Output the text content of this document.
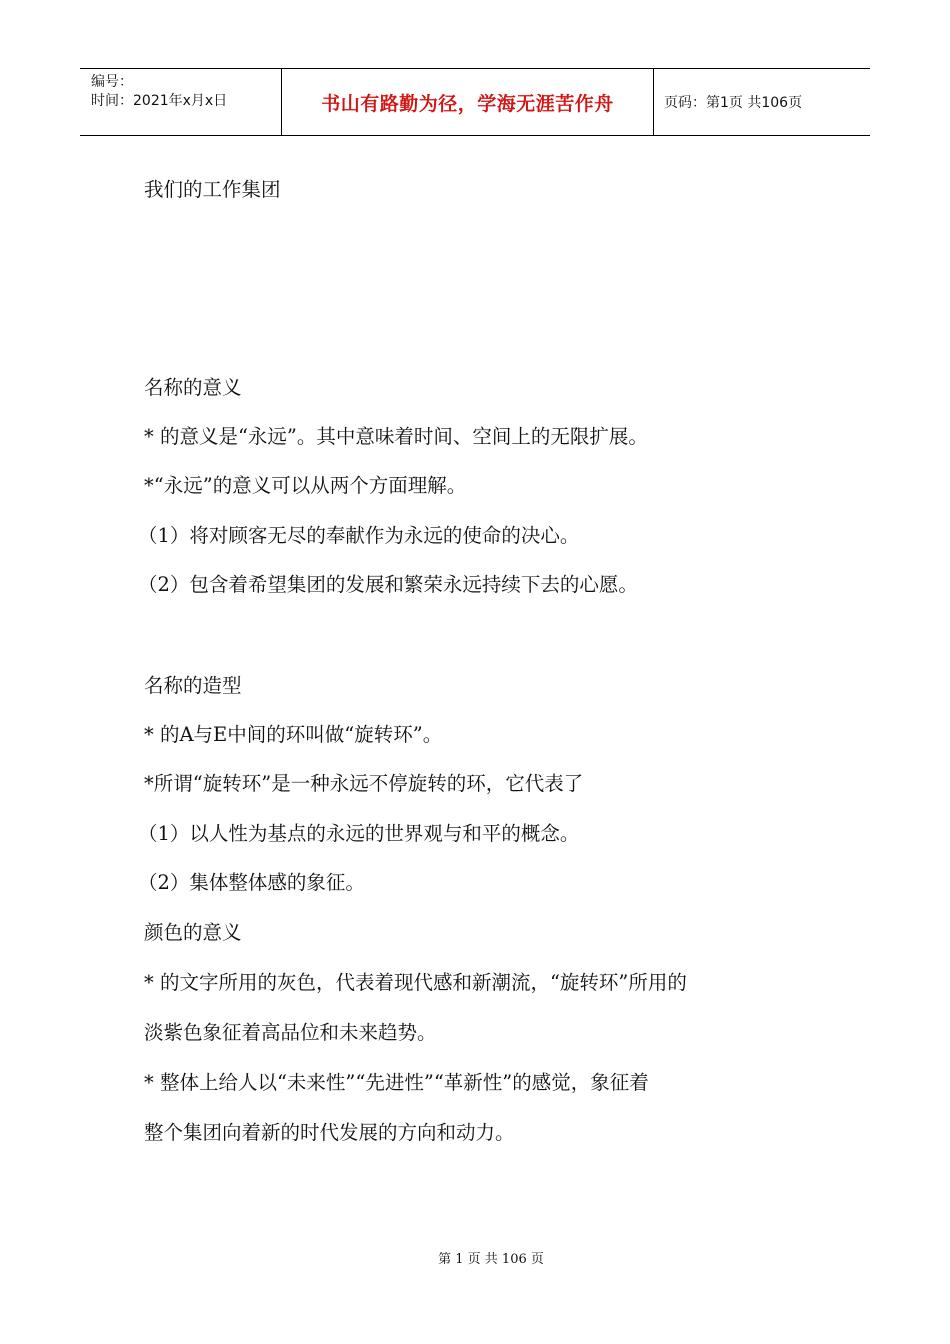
编号：
时间：2021年x月x日	书山有路勤为径，学海无涯苦作舟	页码：第1页 共106页
我们的工作集团
名称的意义
* 的意义是“永远”。其中意味着时间、空间上的无限扩展。
*“永远”的意义可以从两个方面理解。
（1）将对顾客无尽的奉献作为永远的使命的决心。
（2）包含着希望集团的发展和繁荣永远持续下去的心愿。
名称的造型
* 的A与E中间的环叫做“旋转环”。
*所谓“旋转环”是一种永远不停旋转的环，它代表了
（1）以人性为基点的永远的世界观与和平的概念。
（2）集体整体感的象征。
颜色的意义
* 的文字所用的灰色，代表着现代感和新潮流，“旋转环”所用的
淡紫色象征着高品位和未来趋势。
* 整体上给人以“未来性”“先进性”“革新性”的感觉，象征着
整个集团向着新的时代发展的方向和动力。
第 1 页 共 106 页
